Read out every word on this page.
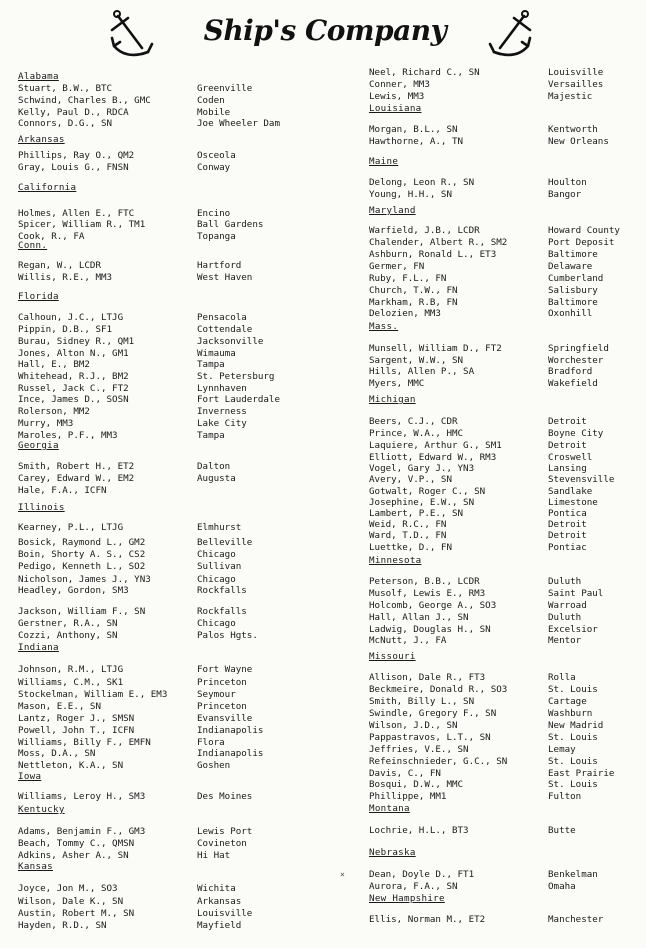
Ship's Company
Alabama
Stuart, B.W., BTC	Greenville
Schwind, Charles B., GMC	Coden
Kelly, Paul D., RDCA	Mobile
Connors, D.G., SN	Joe Wheeler Dam
Arkansas
Phillips, Ray O., QM2	Osceola
Gray, Louis G., FNSN	Conway
California
Holmes, Allen E., FTC	Encino
Spicer, William R., TM1	Ball Gardens
Cook, R., FA	Topanga
Conn.
Regan, W., LCDR	Hartford
Willis, R.E., MM3	West Haven
Florida
Calhoun, J.C., LTJG	Pensacola
Pippin, D.B., SF1	Cottendale
Burau, Sidney R., QM1	Jacksonville
Jones, Alton N., GM1	Wimauma
Hall, E., BM2	Tampa
Whitehead, R.J., BM2	St. Petersburg
Russel, Jack C., FT2	Lynnhaven
Ince, James D., SOSN	Fort Lauderdale
Rolerson, MM2	Inverness
Murry, MM3	Lake City
Maroles, P.F., MM3	Tampa
Georgia
Smith, Robert H., ET2	Dalton
Carey, Edward W., EM2	Augusta
Hale, F.A., ICFN
Illinois
Kearney, P.L., LTJG	Elmhurst
Bosick, Raymond L., GM2	Belleville
Boin, Shorty A. S., CS2	Chicago
Pedigo, Kenneth L., SO2	Sullivan
Nicholson, James J., YN3	Chicago
Headley, Gordon, SM3	Rockfalls
Jackson, William F., SN	Rockfalls
Gerstner, R.A., SN	Chicago
Cozzi, Anthony, SN	Palos Hgts.
Indiana
Johnson, R.M., LTJG	Fort Wayne
Williams, C.M., SK1	Princeton
Stockelman, William E., EM3	Seymour
Mason, E.E., SN	Princeton
Lantz, Roger J., SMSN	Evansville
Powell, John T., ICFN	Indianapolis
Williams, Billy F., EMFN	Flora
Moss, D.A., SN	Indianapolis
Nettleton, K.A., SN	Goshen
Iowa
Williams, Leroy H., SM3	Des Moines
Kentucky
Adams, Benjamin F., GM3	Lewis Port
Beach, Tommy C., QMSN	Covineton
Adkins, Asher A., SN	Hi Hat
Kansas
Joyce, Jon M., SO3	Wichita
Wilson, Dale K., SN	Arkansas
Austin, Robert M., SN	Louisville
Hayden, R.D., SN	Mayfield
Neel, Richard C., SN	Louisville
Conner, MM3	Versailles
Lewis, MM3	Majestic
Louisiana
Morgan, B.L., SN	Kentworth
Hawthorne, A., TN	New Orleans
Maine
Delong, Leon R., SN	Houlton
Young, H.H., SN	Bangor
Maryland
Warfield, J.B., LCDR	Howard County
Chalender, Albert R., SM2	Port Deposit
Ashburn, Ronald L., ET3	Baltimore
Germer, FN	Delaware
Ruby, F.L., FN	Cumberland
Church, T.W., FN	Salisbury
Markham, R.B, FN	Baltimore
Delozien, MM3	Oxonhill
Mass.
Munsell, William D., FT2	Springfield
Sargent, W.W., SN	Worchester
Hills, Allen P., SA	Bradford
Myers, MMC	Wakefield
Michigan
Beers, C.J., CDR	Detroit
Prince, W.A., HMC	Boyne City
Laquiere, Arthur G., SM1	Detroit
Elliott, Edward W., RM3	Croswell
Vogel, Gary J., YN3	Lansing
Avery, V.P., SN	Stevensville
Gotwalt, Roger C., SN	Sandlake
Josephine, E.W., SN	Limestone
Lambert, P.E., SN	Pontica
Weid, R.C., FN	Detroit
Ward, T.D., FN	Detroit
Luettke, D., FN	Pontiac
Minnesota
Peterson, B.B., LCDR	Duluth
Musolf, Lewis E., RM3	Saint Paul
Holcomb, George A., SO3	Warroad
Hall, Allan J., SN	Duluth
Ladwig, Douglas H., SN	Excelsior
McNutt, J., FA	Mentor
Missouri
Allison, Dale R., FT3	Rolla
Beckmeire, Donald R., SO3	St. Louis
Smith, Billy L., SN	Cartage
Swindle, Gregory F., SN	Washburn
Wilson, J.D., SN	New Madrid
Pappastravos, L.T., SN	St. Louis
Jeffries, V.E., SN	Lemay
Refeinschnieder, G.C., SN	St. Louis
Davis, C., FN	East Prairie
Bosqui, D.W., MMC	St. Louis
Phillippe, MM1	Fulton
Montana
Lochrie, H.L., BT3	Butte
Nebraska
Dean, Doyle D., FT1	Benkelman
Aurora, F.A., SN	Omaha
New Hampshire
Ellis, Norman M., ET2	Manchester
×
